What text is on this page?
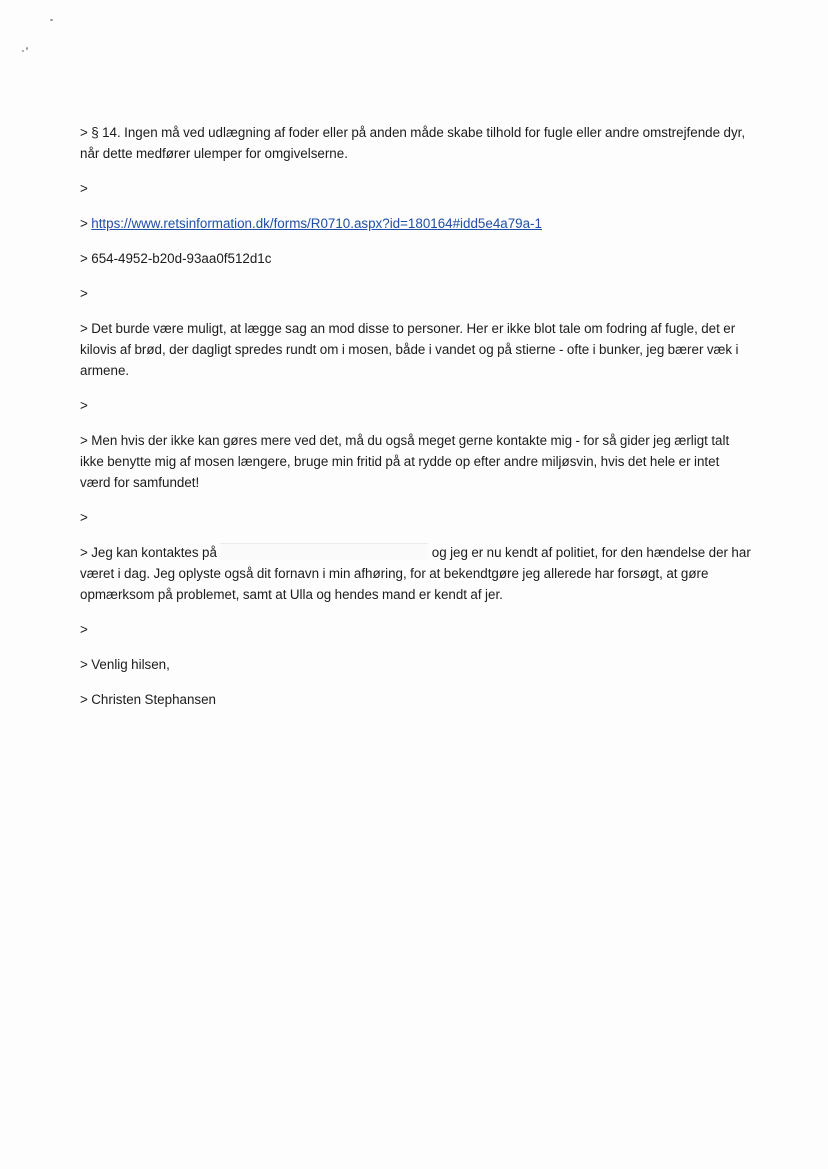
> § 14. Ingen må ved udlægning af foder eller på anden måde skabe tilhold for fugle eller andre omstrejfende dyr, når dette medfører ulemper for omgivelserne.

>

> https://www.retsinformation.dk/forms/R0710.aspx?id=180164#idd5e4a79a-1

> 654-4952-b20d-93aa0f512d1c

>

> Det burde være muligt, at lægge sag an mod disse to personer. Her er ikke blot tale om fodring af fugle, det er kilovis af brød, der dagligt spredes rundt om i mosen, både i vandet og på stierne - ofte i bunker, jeg bærer væk i armene.

>

> Men hvis der ikke kan gøres mere ved det, må du også meget gerne kontakte mig - for så gider jeg ærligt talt ikke benytte mig af mosen længere, bruge min fritid på at rydde op efter andre miljøsvin, hvis det hele er intet værd for samfundet!

>

> Jeg kan kontaktes på	og jeg er nu kendt af politiet, for den hændelse der har været i dag. Jeg oplyste også dit fornavn i min afhøring, for at bekendtgøre jeg allerede har forsøgt, at gøre opmærksom på problemet, samt at Ulla og hendes mand er kendt af jer.

>

> Venlig hilsen,

> Christen Stephansen
